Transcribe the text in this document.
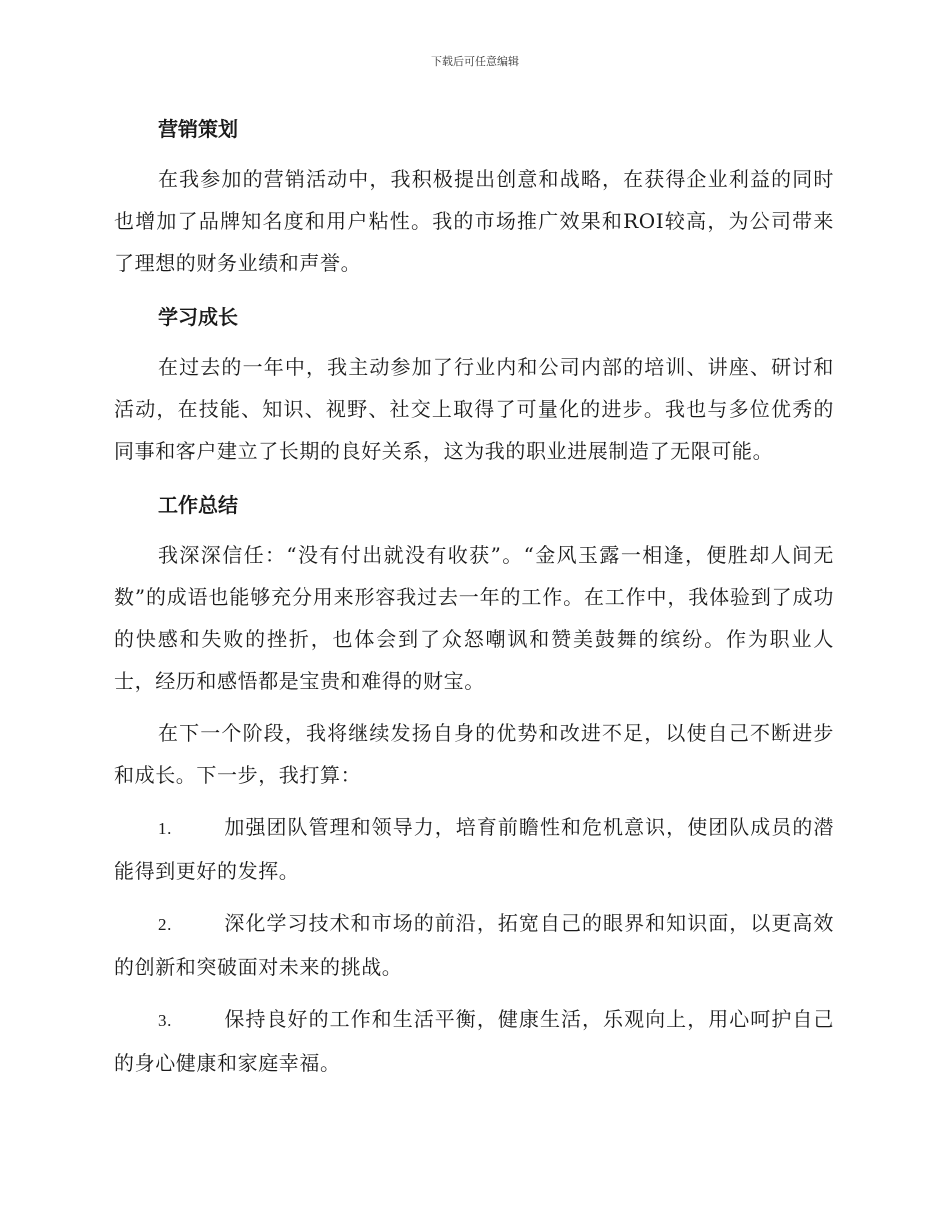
下载后可任意编辑
营销策划

在我参加的营销活动中，我积极提出创意和战略，在获得企业利益的同时也增加了品牌知名度和用户粘性。我的市场推广效果和ROI较高，为公司带来了理想的财务业绩和声誉。

学习成长

在过去的一年中，我主动参加了行业内和公司内部的培训、讲座、研讨和活动，在技能、知识、视野、社交上取得了可量化的进步。我也与多位优秀的同事和客户建立了长期的良好关系，这为我的职业进展制造了无限可能。

工作总结

我深深信任：“没有付出就没有收获”。“金风玉露一相逢，便胜却人间无数”的成语也能够充分用来形容我过去一年的工作。在工作中，我体验到了成功的快感和失败的挫折，也体会到了众怒嘲讽和赞美鼓舞的缤纷。作为职业人士，经历和感悟都是宝贵和难得的财宝。

在下一个阶段，我将继续发扬自身的优势和改进不足，以使自己不断进步和成长。下一步，我打算：

1.	加强团队管理和领导力，培育前瞻性和危机意识，使团队成员的潜能得到更好的发挥。

2.	深化学习技术和市场的前沿，拓宽自己的眼界和知识面，以更高效的创新和突破面对未来的挑战。

3.	保持良好的工作和生活平衡，健康生活，乐观向上，用心呵护自己的身心健康和家庭幸福。
